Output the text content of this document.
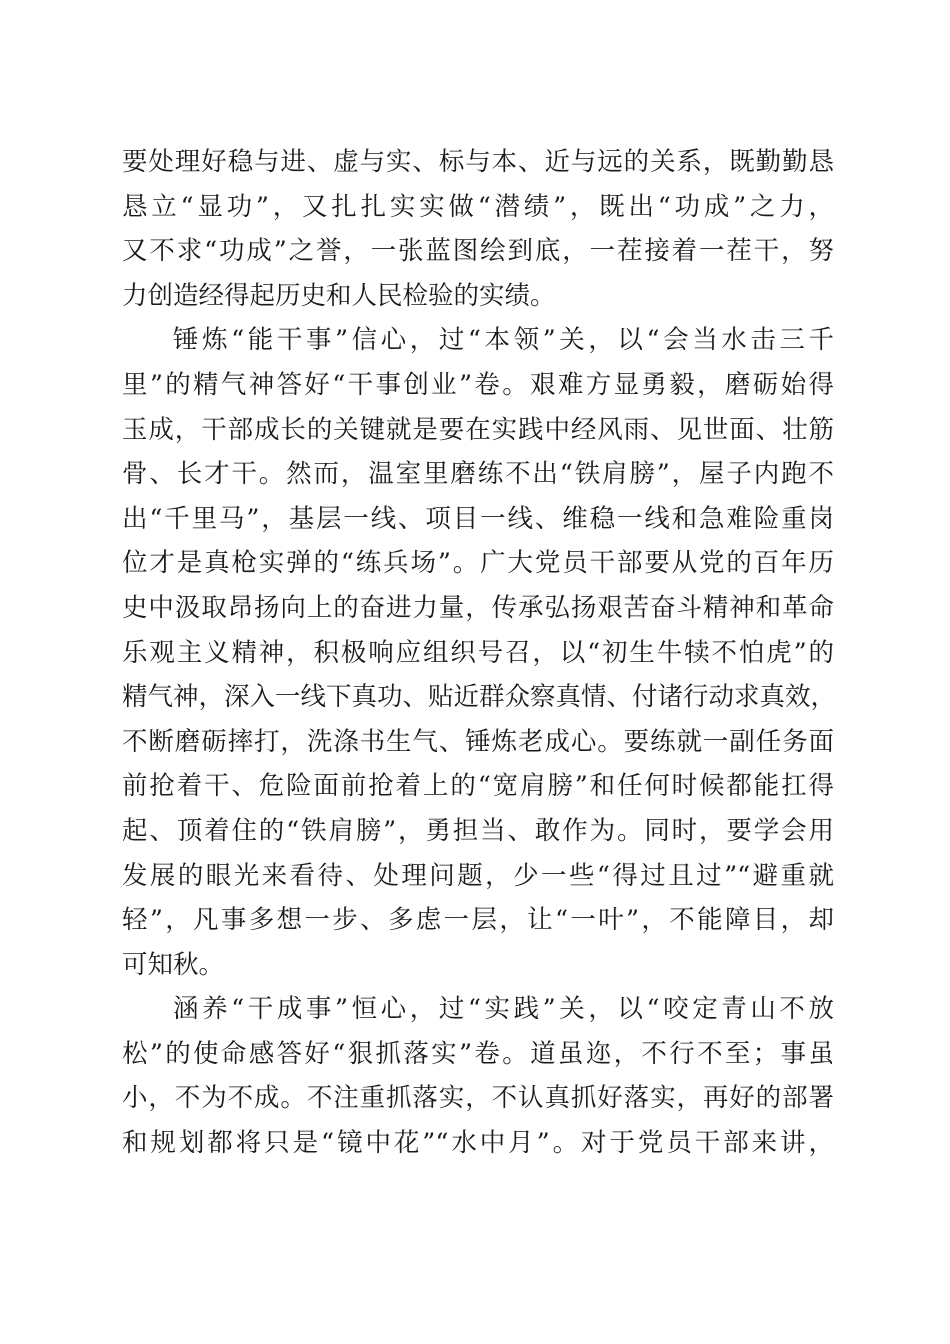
要处理好稳与进、虚与实、标与本、近与远的关系，既勤勤恳
恳立“显功”，又扎扎实实做“潜绩”，既出“功成”之力，
又不求“功成”之誉，一张蓝图绘到底，一茬接着一茬干，努
力创造经得起历史和人民检验的实绩。
锤炼“能干事”信心，过“本领”关，以“会当水击三千
里”的精气神答好“干事创业”卷。艰难方显勇毅，磨砺始得
玉成，干部成长的关键就是要在实践中经风雨、见世面、壮筋
骨、长才干。然而，温室里磨练不出“铁肩膀”，屋子内跑不
出“千里马”，基层一线、项目一线、维稳一线和急难险重岗
位才是真枪实弹的“练兵场”。广大党员干部要从党的百年历
史中汲取昂扬向上的奋进力量，传承弘扬艰苦奋斗精神和革命
乐观主义精神，积极响应组织号召，以“初生牛犊不怕虎”的
精气神，深入一线下真功、贴近群众察真情、付诸行动求真效，
不断磨砺摔打，洗涤书生气、锤炼老成心。要练就一副任务面
前抢着干、危险面前抢着上的“宽肩膀”和任何时候都能扛得
起、顶着住的“铁肩膀”，勇担当、敢作为。同时，要学会用
发展的眼光来看待、处理问题，少一些“得过且过”“避重就
轻”，凡事多想一步、多虑一层，让“一叶”，不能障目，却
可知秋。
涵养“干成事”恒心，过“实践”关，以“咬定青山不放
松”的使命感答好“狠抓落实”卷。道虽迩，不行不至；事虽
小，不为不成。不注重抓落实，不认真抓好落实，再好的部署
和规划都将只是“镜中花”“水中月”。对于党员干部来讲，
